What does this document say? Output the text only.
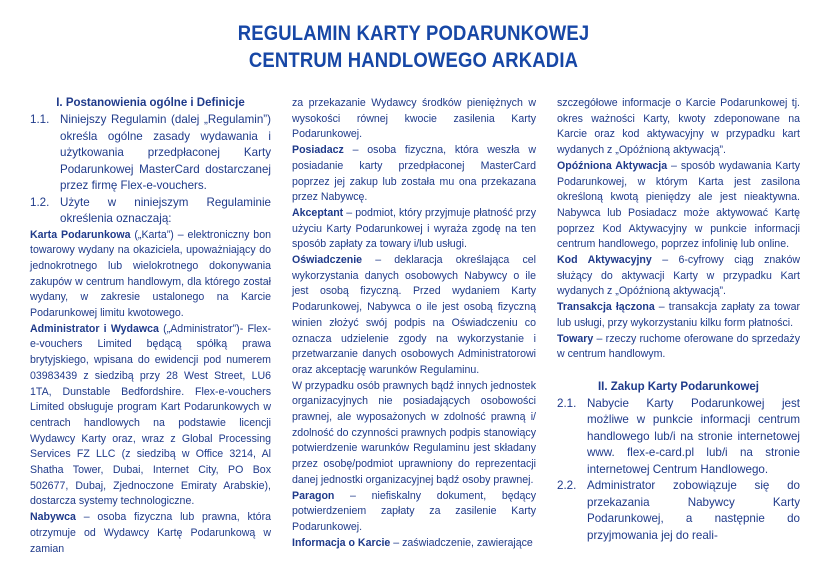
REGULAMIN KARTY PODARUNKOWEJ
CENTRUM HANDLOWEGO ARKADIA
I. Postanowienia ogólne i Definicje
1.1. Niniejszy Regulamin (dalej „Regulamin”) określa ogólne zasady wydawania i użytkowania przedpłaconej Karty Podarunkowej MasterCard dostarczanej przez firmę Flex-e-vouchers.
1.2. Użyte w niniejszym Regulaminie określenia oznaczają:

Karta Podarunkowa („Karta”) – elektroniczny bon towarowy wydany na okaziciela, upoważniający do jednokrotnego lub wielokrotnego dokonywania zakupów w centrum handlowym, dla którego został wydany, w zakresie ustalonego na Karcie Podarunkowej limitu kwotowego.

Administrator i Wydawca („Administrator”)- Flex-e-vouchers Limited będącą spółką prawa brytyjskiego, wpisana do ewidencji pod numerem 03983439 z siedzibą przy 28 West Street, LU6 1TA, Dunstable Bedfordshire. Flex-e-vouchers Limited obsługuje program Kart Podarunkowych w centrach handlowych na podstawie licencji Wydawcy Karty oraz, wraz z Global Processing Services FZ LLC (z siedzibą w Office 3214, Al Shatha Tower, Dubai, Internet City, PO Box 502677, Dubaj, Zjednoczone Emiraty Arabskie), dostarcza systemy technologiczne.

Nabywca – osoba fizyczna lub prawna, która otrzymuje od Wydawcy Kartę Podarunkową w zamian

za przekazanie Wydawcy środków pieniężnych w wysokości równej kwocie zasilenia Karty Podarunkowej.

Posiadacz – osoba fizyczna, która weszła w posiadanie karty przedpłaconej MasterCard poprzez jej zakup lub została mu ona przekazana przez Nabywcę.

Akceptant – podmiot, który przyjmuje płatność przy użyciu Karty Podarunkowej i wyraża zgodę na ten sposób zapłaty za towary i/lub usługi.

Oświadczenie – deklaracja określająca cel wykorzystania danych osobowych Nabywcy o ile jest osobą fizyczną. Przed wydaniem Karty Podarunkowej, Nabywca o ile jest osobą fizyczną winien złożyć swój podpis na Oświadczeniu co oznacza udzielenie zgody na wykorzystanie i przetwarzanie danych osobowych Administratorowi oraz akceptację warunków Regulaminu.

W przypadku osób prawnych bądź innych jednostek organizacyjnych nie posiadających osobowości prawnej, ale wyposażonych w zdolność prawną i/ zdolność do czynności prawnych podpis stanowiący potwierdzenie warunków Regulaminu jest składany przez osobę/podmiot uprawniony do reprezentacji danej jednostki organizacyjnej bądź osoby prawnej.

Paragon – niefiskalny dokument, będący potwierdzeniem zapłaty za zasilenie Karty Podarunkowej.

Informacja o Karcie – zaświadczenie, zawierające

szczegółowe informacje o Karcie Podarunkowej tj. okres ważności Karty, kwoty zdeponowane na Karcie oraz kod aktywacyjny w przypadku kart wydanych z „Opóźnioną aktywacją”.

Opóźniona Aktywacja – sposób wydawania Karty Podarunkowej, w którym Karta jest zasilona określoną kwotą pieniędzy ale jest nieaktywna. Nabywca lub Posiadacz może aktywować Kartę poprzez Kod Aktywacyjny w punkcie informacji centrum handlowego, poprzez infolinię lub online.

Kod Aktywacyjny – 6-cyfrowy ciąg znaków służący do aktywacji Karty w przypadku Kart wydanych z „Opóźnioną aktywacją”.

Transakcja łączona – transakcja zapłaty za towar lub usługi, przy wykorzystaniu kilku form płatności.

Towary – rzeczy ruchome oferowane do sprzedaży w centrum handlowym.

II. Zakup Karty Podarunkowej
2.1. Nabycie Karty Podarunkowej jest możliwe w punkcie informacji centrum handlowego lub/i na stronie internetowej www. flex-e-card.pl lub/i na stronie internetowej Centrum Handlowego.
2.2. Administrator zobowiązuje się do przekazania Nabywcy Karty Podarunkowej, a następnie do przyjmowania jej do reali-
